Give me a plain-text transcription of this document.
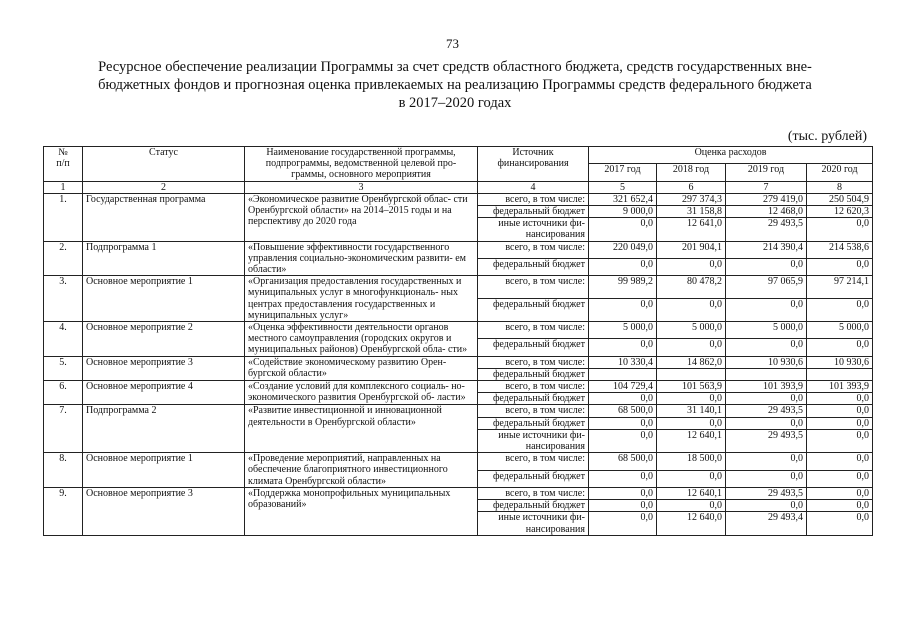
73
Ресурсное обеспечение реализации Программы за счет средств областного бюджета, средств государственных вне-
бюджетных фондов и прогнозная оценка привлекаемых на реализацию Программы средств федерального бюджета
в 2017–2020 годах
(тыс. рублей)
№
п/п	Статус	Наименование государственной программы, подпрограммы, ведомственной целевой про- граммы, основного мероприятия	Источник финансирования	Оценка расходов			
				2017 год	2018 год	2019 год	2020 год
1	2	3	4	5	6	7	8
1.	Государственная программа	«Экономическое развитие Оренбургской облас- сти Оренбургской области» на 2014–2015 годы и на перспективу до 2020 года	всего, в том числе:	321 652,4	297 374,3	279 419,0	250 504,9
			федеральный бюджет	9 000,0	31 158,8	12 468,0	12 620,3
			иные источники фи- нансирования	0,0	12 641,0	29 493,5	0,0
2.	Подпрограмма 1	«Повышение эффективности государственного управления социально-экономическим развити- ем области»	всего, в том числе:	220 049,0	201 904,1	214 390,4	214 538,6
			федеральный бюджет	0,0	0,0	0,0	0,0
3.	Основное мероприятие 1	«Организация предоставления государственных и муниципальных услуг в многофункциональ- ных центрах предоставления государственных и муниципальных услуг»	всего, в том числе:	99 989,2	80 478,2	97 065,9	97 214,1
			федеральный бюджет	0,0	0,0	0,0	0,0
4.	Основное мероприятие 2	«Оценка эффективности деятельности органов местного самоуправления (городских округов и муниципальных районов) Оренбургской обла- сти»	всего, в том числе:	5 000,0	5 000,0	5 000,0	5 000,0
			федеральный бюджет	0,0	0,0	0,0	0,0
5.	Основное мероприятие 3	«Содействие экономическому развитию Орен- бургской области»	всего, в том числе:	10 330,4	14 862,0	10 930,6	10 930,6
			федеральный бюджет				
6.	Основное мероприятие 4	«Создание условий для комплексного социаль- но-экономического развития Оренбургской об- ласти»	всего, в том числе:	104 729,4	101 563,9	101 393,9	101 393,9
			федеральный бюджет	0,0	0,0	0,0	0,0
7.	Подпрограмма 2	«Развитие инвестиционной и инновационной деятельности в Оренбургской области»	всего, в том числе:	68 500,0	31 140,1	29 493,5	0,0
			федеральный бюджет	0,0	0,0	0,0	0,0
			иные источники фи- нансирования	0,0	12 640,1	29 493,5	0,0
8.	Основное мероприятие 1	«Проведение мероприятий, направленных на обеспечение благоприятного инвестиционного климата Оренбургской области»	всего, в том числе:	68 500,0	18 500,0	0,0	0,0
			федеральный бюджет	0,0	0,0	0,0	0,0
9.	Основное мероприятие 3	«Поддержка монопрофильных муниципальных образований»	всего, в том числе:	0,0	12 640,1	29 493,5	0,0
			федеральный бюджет	0,0	0,0	0,0	0,0
			иные источники фи- нансирования	0,0	12 640,0	29 493,4	0,0
